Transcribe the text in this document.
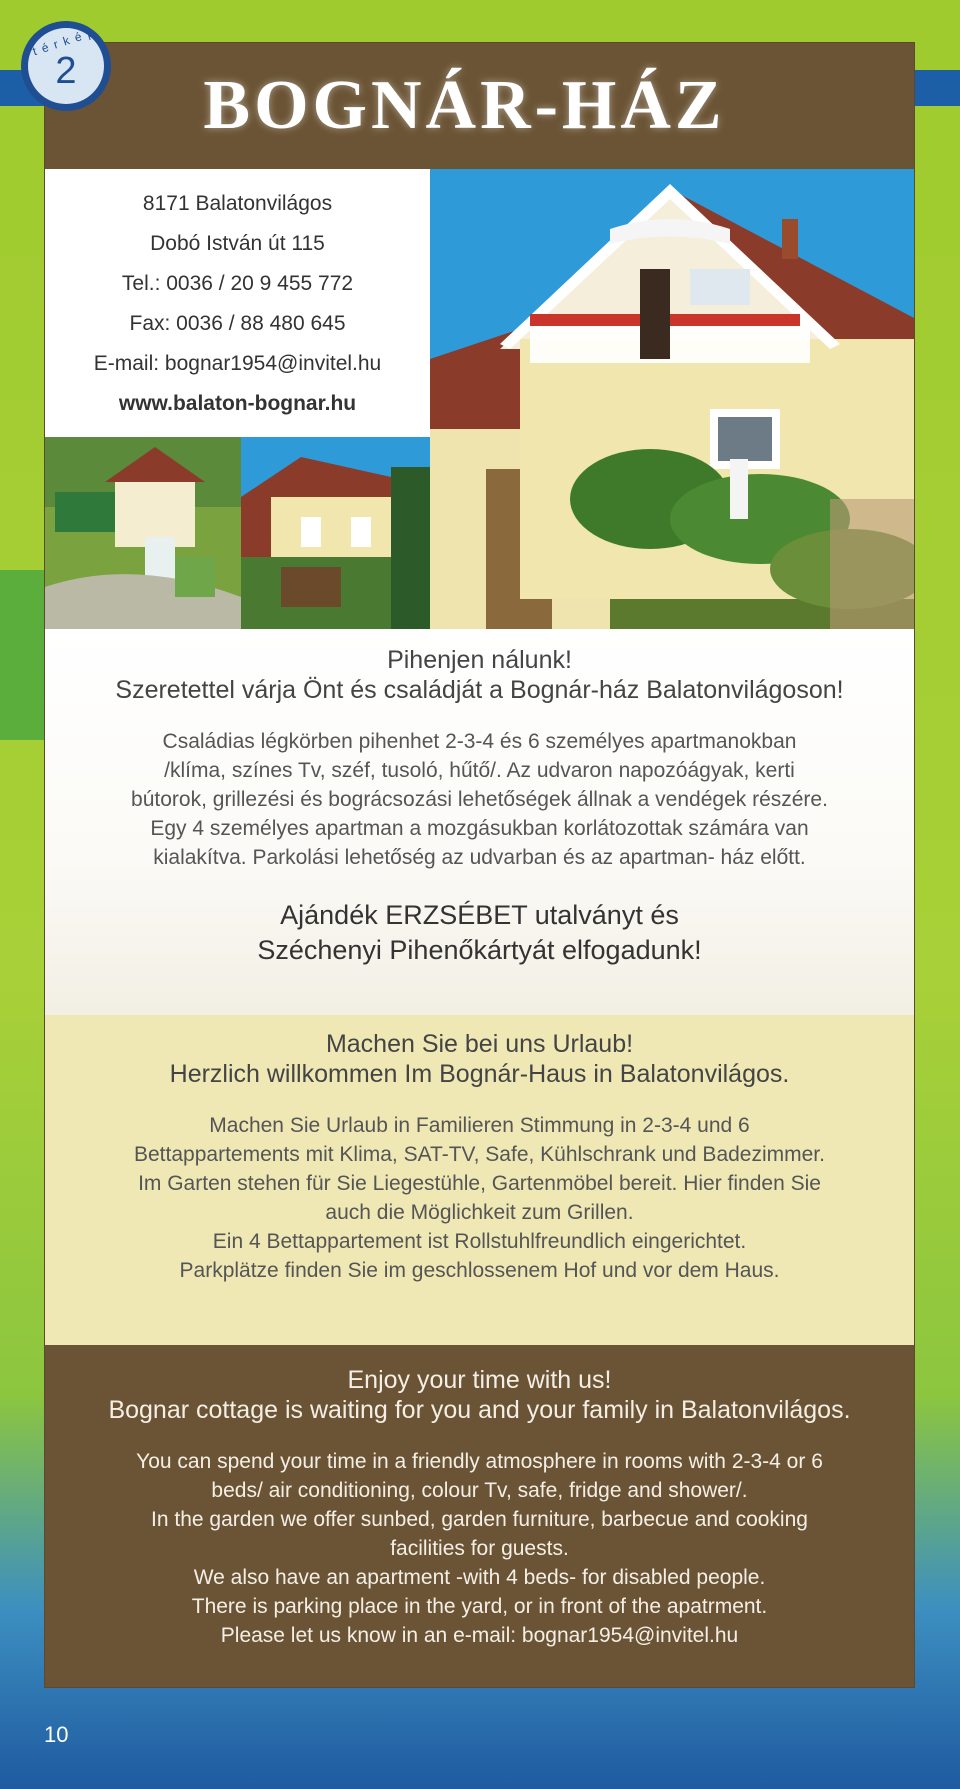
BOGNÁR-HÁZ
8171 Balatonvilágos
Dobó István út 115
Tel.: 0036 / 20 9 455 772
Fax: 0036 / 88 480 645
E-mail: bognar1954@invitel.hu
www.balaton-bognar.hu
Pihenjen nálunk!
Szeretettel várja Önt és családját a Bognár-ház Balatonvilágoson!
Családias légkörben pihenhet 2-3-4 és 6 személyes apartmanokban
/klíma, színes Tv, széf, tusoló, hűtő/. Az udvaron napozóágyak, kerti
bútorok, grillezési és bográcsozási lehetőségek állnak a vendégek részére.
Egy 4 személyes apartman a mozgásukban korlátozottak számára van
kialakítva. Parkolási lehetőség az udvarban és az apartman- ház előtt.
Ajándék ERZSÉBET utalványt és
Széchenyi Pihenőkártyát elfogadunk!
Machen Sie bei uns Urlaub!
Herzlich willkommen Im Bognár-Haus in Balatonvilágos.
Machen Sie Urlaub in Familieren Stimmung in 2-3-4 und 6
Bettappartements mit Klima, SAT-TV, Safe, Kühlschrank und Badezimmer.
Im Garten stehen für Sie Liegestühle, Gartenmöbel bereit. Hier finden Sie
auch die Möglichkeit zum Grillen.
Ein 4 Bettappartement ist Rollstuhlfreundlich eingerichtet.
Parkplätze finden Sie im geschlossenem Hof und vor dem Haus.
Enjoy your time with us!
Bognar cottage is waiting for you and your family in Balatonvilágos.
You can spend your time in a friendly atmosphere in rooms with 2-3-4 or 6
beds/ air conditioning, colour Tv, safe, fridge and shower/.
In the garden we offer sunbed, garden furniture, barbecue and cooking
facilities for guests.
We also have an apartment -with 4 beds- for disabled people.
There is parking place in the yard, or in front of the apatrment.
Please let us know in an e-mail: bognar1954@invitel.hu
térkép
2
10
